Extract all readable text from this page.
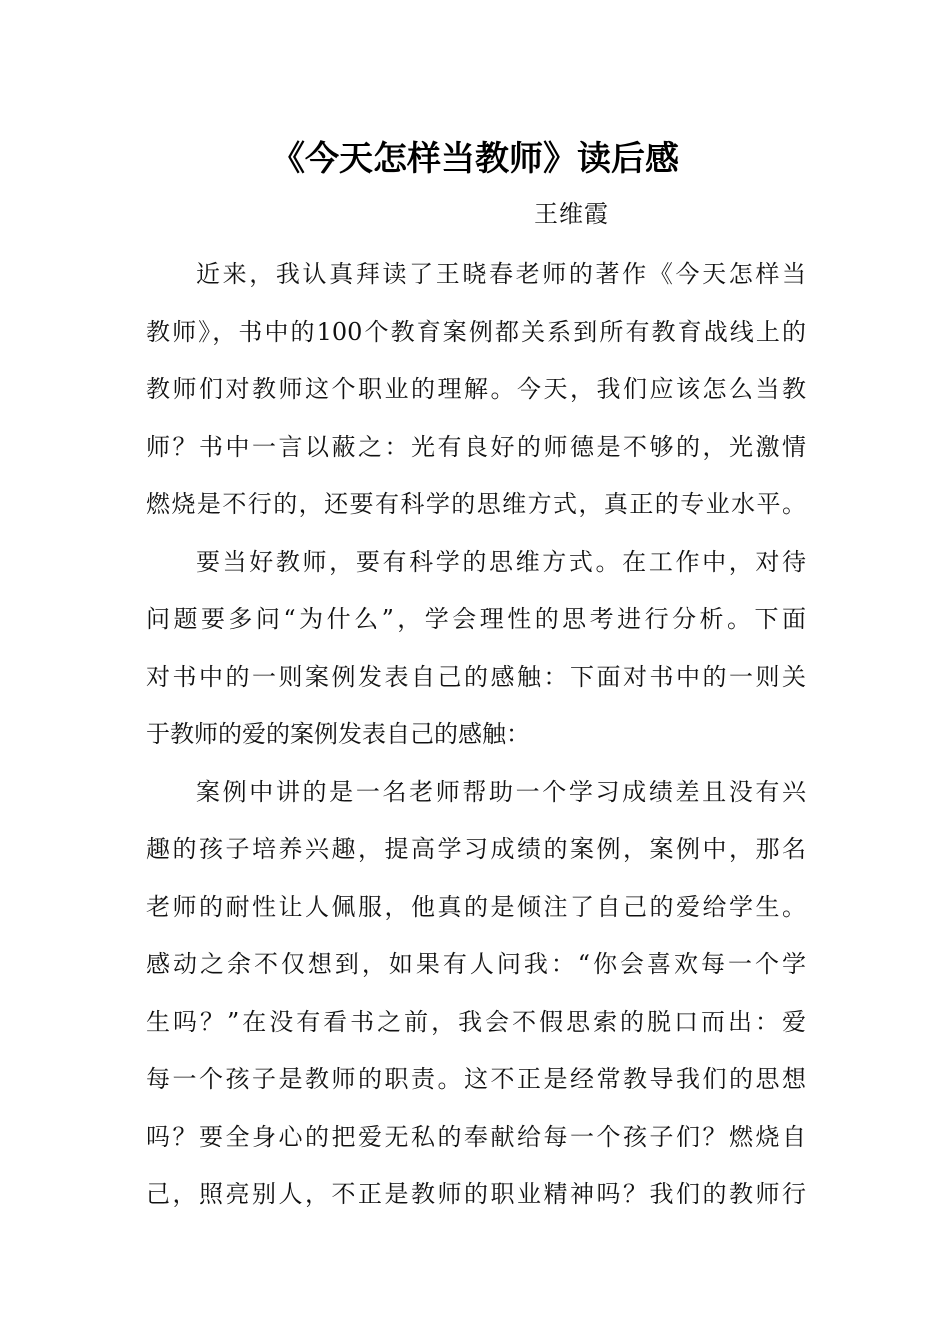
《今天怎样当教师》读后感
王维霞
近来，我认真拜读了王晓春老师的著作《今天怎样当
教师》，书中的100个教育案例都关系到所有教育战线上的
教师们对教师这个职业的理解。今天，我们应该怎么当教
师？书中一言以蔽之：光有良好的师德是不够的，光激情
燃烧是不行的，还要有科学的思维方式，真正的专业水平。
要当好教师，要有科学的思维方式。在工作中，对待
问题要多问“为什么”，学会理性的思考进行分析。下面
对书中的一则案例发表自己的感触：下面对书中的一则关
于教师的爱的案例发表自己的感触：
案例中讲的是一名老师帮助一个学习成绩差且没有兴
趣的孩子培养兴趣，提高学习成绩的案例，案例中，那名
老师的耐性让人佩服，他真的是倾注了自己的爱给学生。
感动之余不仅想到，如果有人问我：“你会喜欢每一个学
生吗？”在没有看书之前，我会不假思索的脱口而出：爱
每一个孩子是教师的职责。这不正是经常教导我们的思想
吗？要全身心的把爱无私的奉献给每一个孩子们？燃烧自
己，照亮别人，不正是教师的职业精神吗？我们的教师行
